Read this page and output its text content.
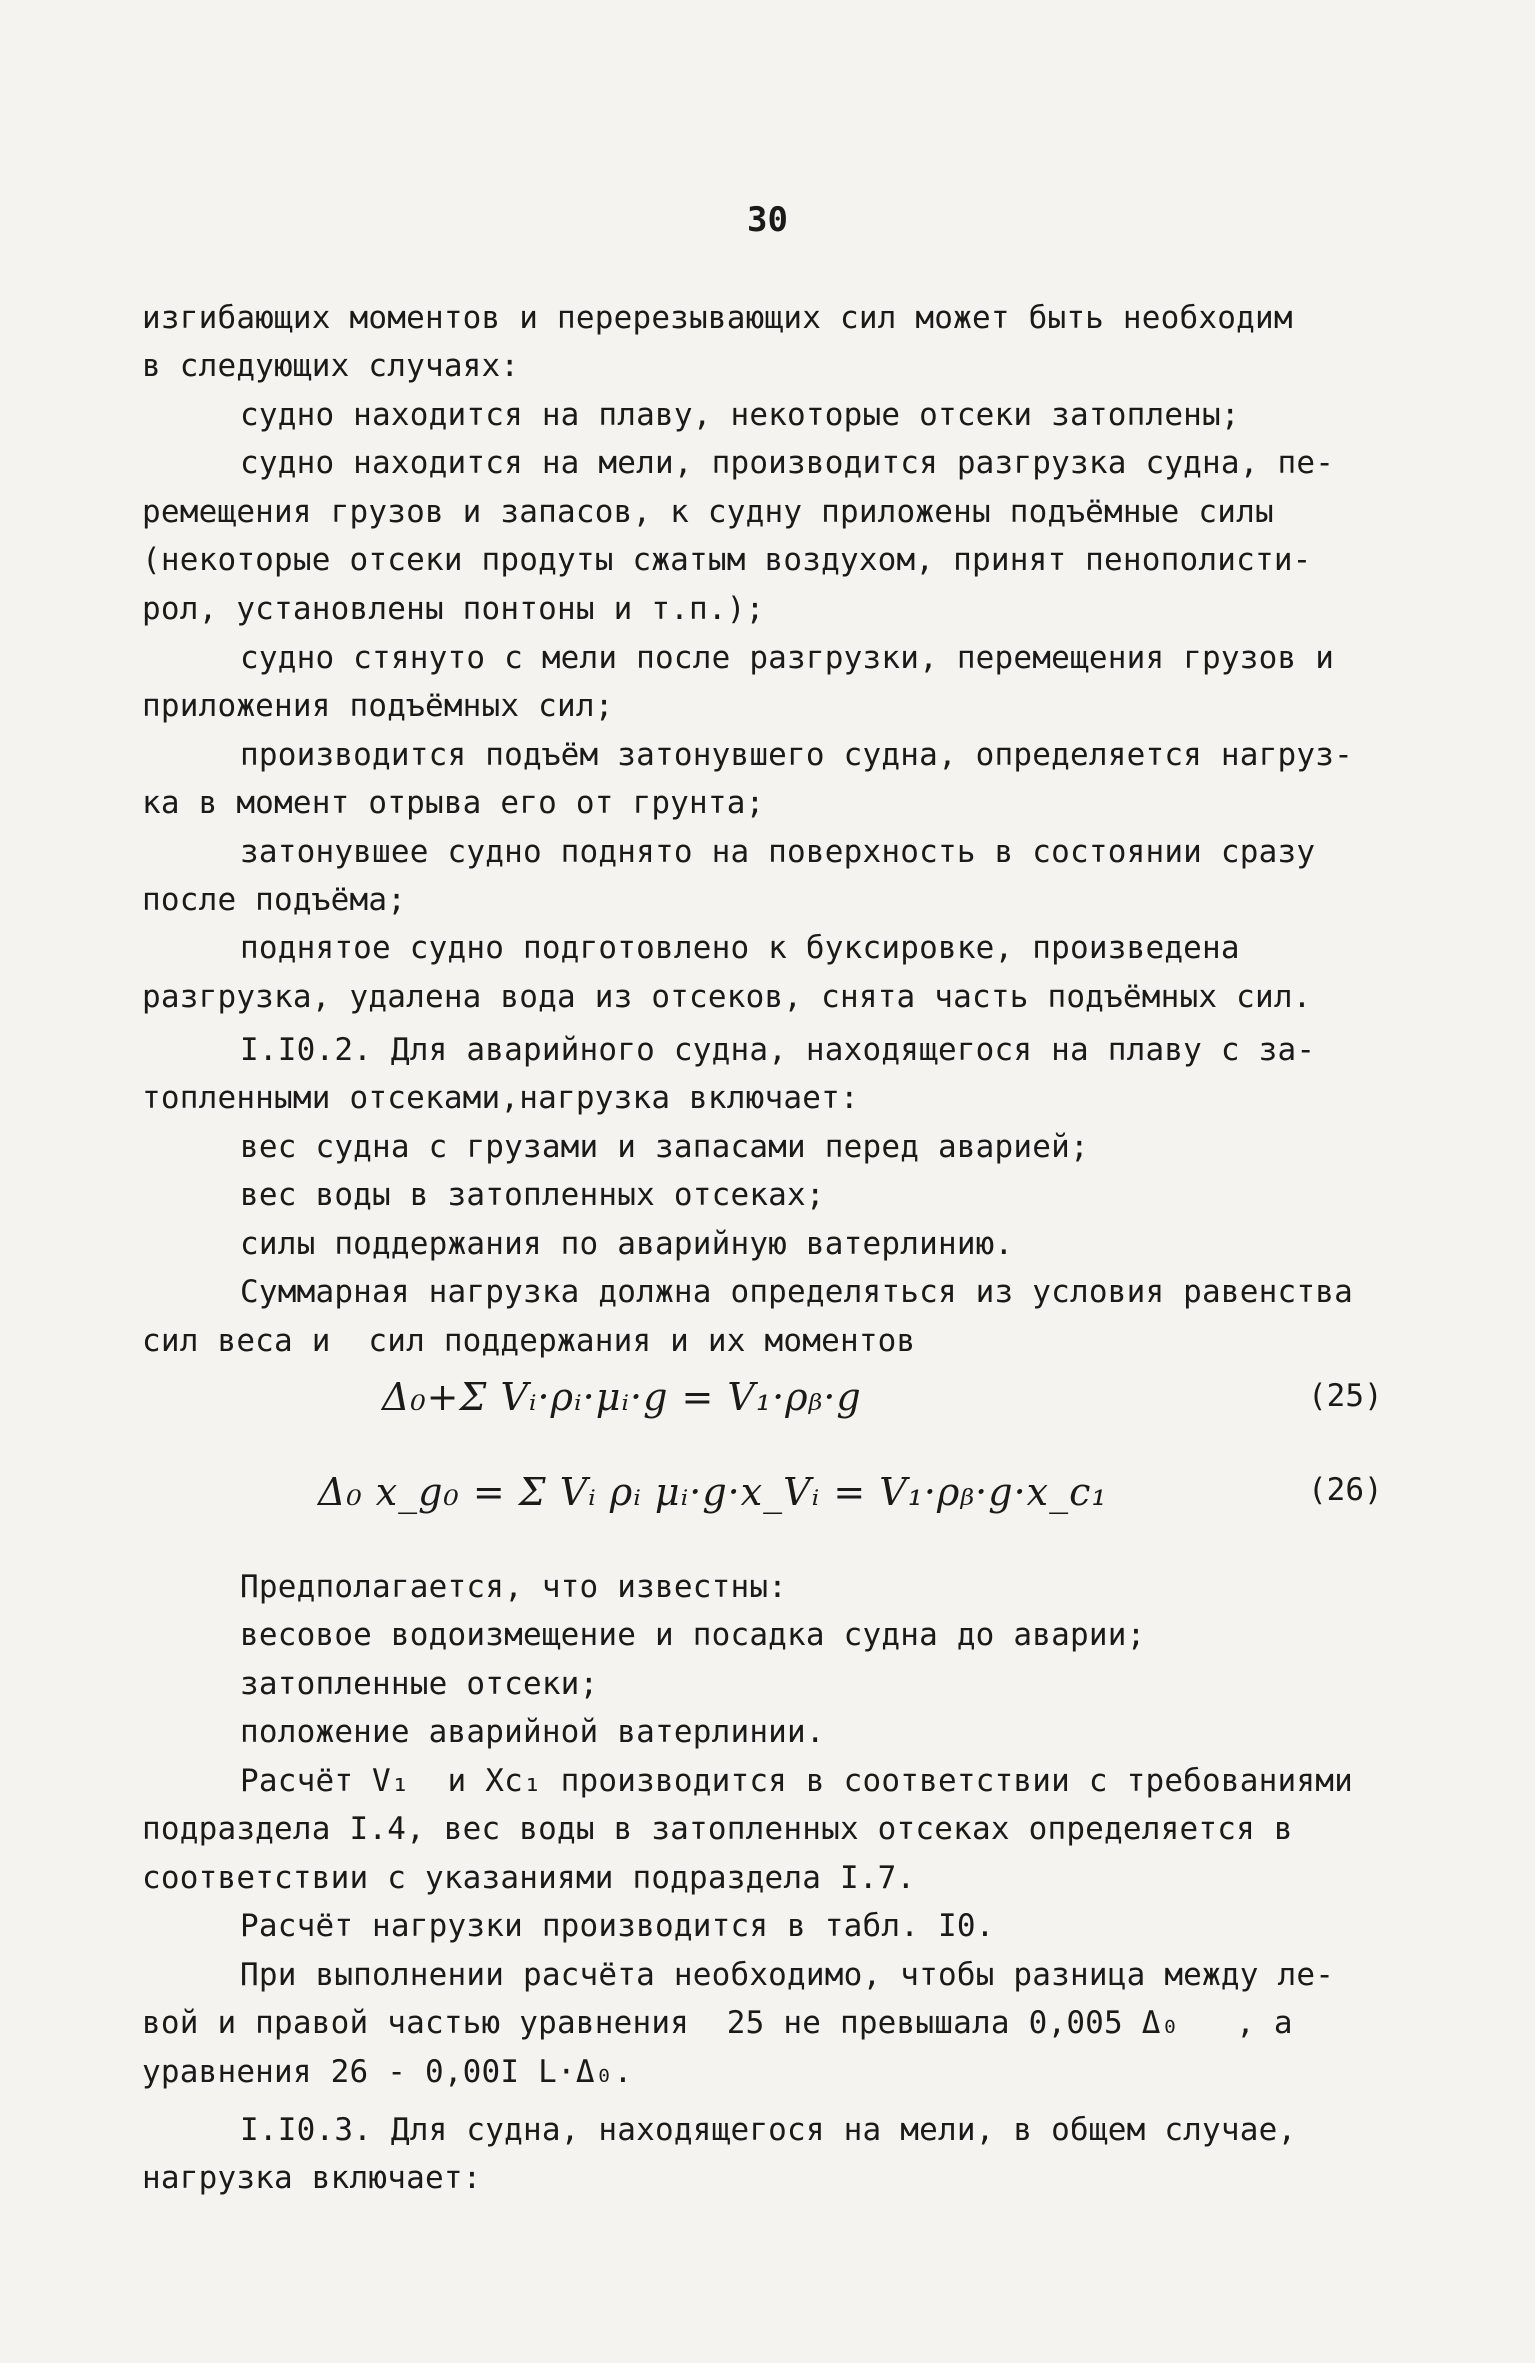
30
изгибающих моментов и перерезывающих сил может быть необходим
в следующих случаях:
судно находится на плаву, некоторые отсеки затоплены;
судно находится на мели, производится разгрузка судна, пе-
ремещения грузов и запасов, к судну приложены подъёмные силы
(некоторые отсеки продуты сжатым воздухом, принят пенополисти-
рол, установлены понтоны и т.п.);
судно стянуто с мели после разгрузки, перемещения грузов и
приложения подъёмных сил;
производится подъём затонувшего судна, определяется нагруз-
ка в момент отрыва его от грунта;
затонувшее судно поднято на поверхность в состоянии сразу
после подъёма;
поднятое судно подготовлено к буксировке, произведена
разгрузка, удалена вода из отсеков, снята часть подъёмных сил.
I.I0.2. Для аварийного судна, находящегося на плаву с за-
топленными отсеками,нагрузка включает:
вес судна с грузами и запасами перед аварией;
вес воды в затопленных отсеках;
силы поддержания по аварийную ватерлинию.
Суммарная нагрузка должна определяться из условия равенства
сил веса и  сил поддержания и их моментов
Δ₀+Σ Vᵢ·ρᵢ·μᵢ·g = V₁·ρᵦ·g	(25)
Δ₀ x_g₀ = Σ Vᵢ ρᵢ μᵢ·g·x_Vᵢ = V₁·ρᵦ·g·x_c₁	(26)
Предполагается, что известны:
весовое водоизмещение и посадка судна до аварии;
затопленные отсеки;
положение аварийной ватерлинии.
Расчёт V₁  и Xc₁ производится в соответствии с требованиями
подраздела I.4, вес воды в затопленных отсеках определяется в
соответствии с указаниями подраздела I.7.
Расчёт нагрузки производится в табл. I0.
При выполнении расчёта необходимо, чтобы разница между ле-
вой и правой частью уравнения  25 не превышала 0,005 Δ₀   , а
уравнения 26 - 0,00I L·Δ₀.
I.I0.3. Для судна, находящегося на мели, в общем случае,
нагрузка включает:
